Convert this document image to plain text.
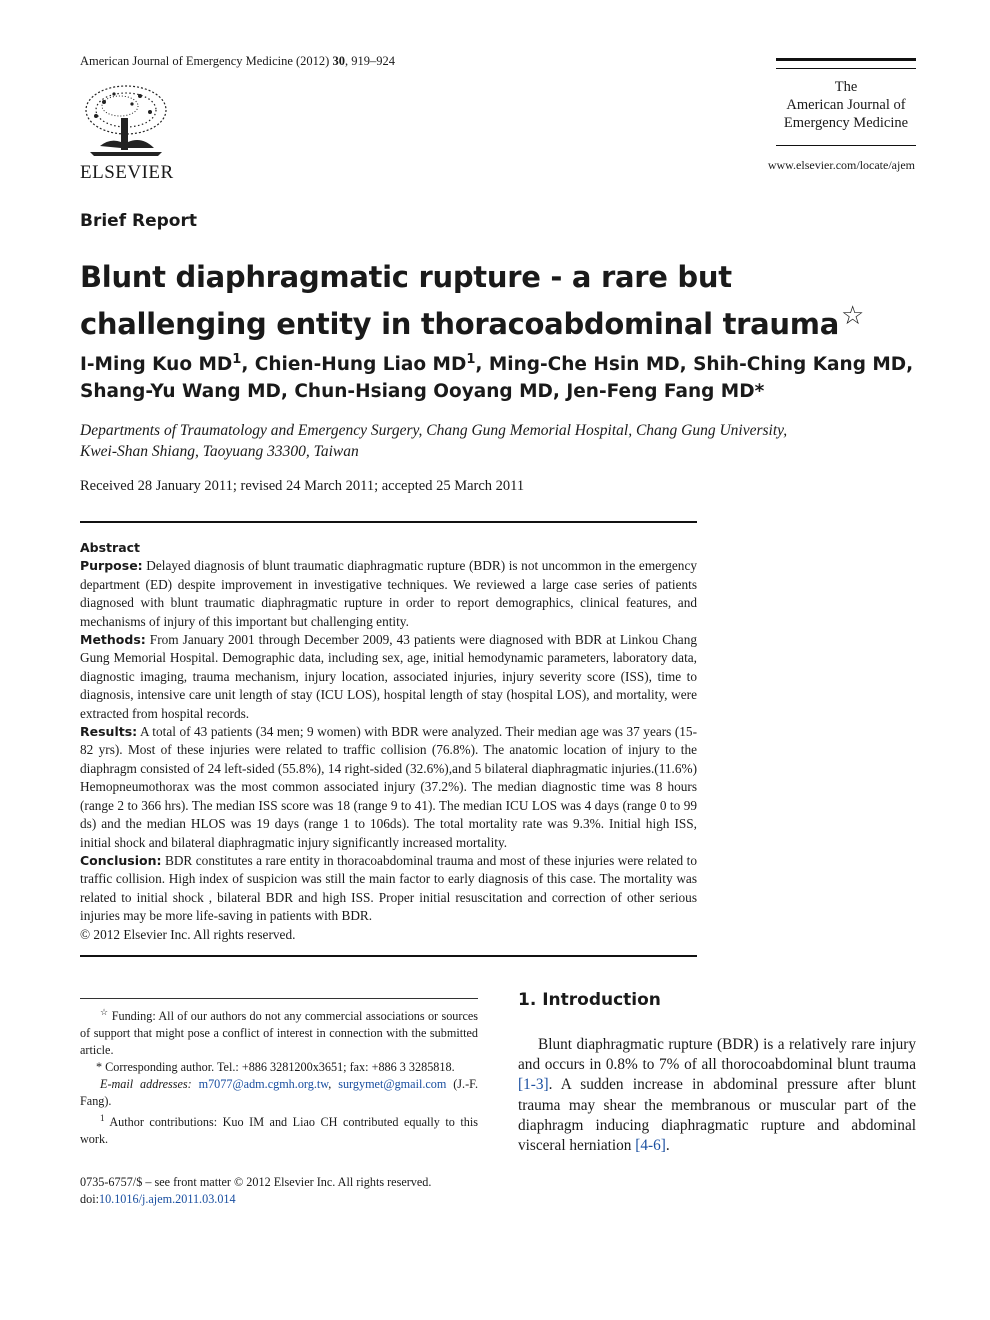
American Journal of Emergency Medicine (2012) 30, 919–924
ELSEVIER
The
American Journal of
Emergency Medicine
www.elsevier.com/locate/ajem
Brief Report
Blunt diaphragmatic rupture - a rare but challenging entity in thoracoabdominal trauma☆
I-Ming Kuo $MD^1$, Chien-Hung Liao $MD^1$, Ming-Che Hsin MD, Shih-Ching Kang MD,
Shang-Yu Wang MD, Chun-Hsiang Ooyang MD, Jen-Feng Fang MD*
Departments of Traumatology and Emergency Surgery, Chang Gung Memorial Hospital, Chang Gung University,
Kwei-Shan Shiang, Taoyuang 33300, Taiwan
Received 28 January 2011; revised 24 March 2011; accepted 25 March 2011

Abstract

Purpose: Delayed diagnosis of blunt traumatic diaphragmatic rupture (BDR) is not uncommon in the emergency department (ED) despite improvement in investigative techniques. We reviewed a large case series of patients diagnosed with blunt traumatic diaphragmatic rupture in order to report demographics, clinical features, and mechanisms of injury of this important but challenging entity.

Methods: From January 2001 through December 2009, 43 patients were diagnosed with BDR at Linkou Chang Gung Memorial Hospital. Demographic data, including sex, age, initial hemodynamic parameters, laboratory data, diagnostic imaging, trauma mechanism, injury location, associated injuries, injury severity score (ISS), time to diagnosis, intensive care unit length of stay (ICU LOS), hospital length of stay (hospital LOS), and mortality, were extracted from hospital records.

Results: A total of 43 patients (34 men; 9 women) with BDR were analyzed. Their median age was 37 years (15-82 yrs). Most of these injuries were related to traffic collision (76.8%). The anatomic location of injury to the diaphragm consisted of 24 left-sided (55.8%), 14 right-sided (32.6%),and 5 bilateral diaphragmatic injuries.(11.6%) Hemopneumothorax was the most common associated injury (37.2%). The median diagnostic time was 8 hours (range 2 to 366 hrs). The median ISS score was 18 (range 9 to 41). The median ICU LOS was 4 days (range 0 to 99 ds) and the median HLOS was 19 days (range 1 to 106ds). The total mortality rate was 9.3%. Initial high ISS, initial shock and bilateral diaphragmatic injury significantly increased mortality.

Conclusion: BDR constitutes a rare entity in thoracoabdominal trauma and most of these injuries were related to traffic collision. High index of suspicion was still the main factor to early diagnosis of this case. The mortality was related to initial shock , bilateral BDR and high ISS. Proper initial resuscitation and correction of other serious injuries may be more life-saving in patients with BDR.

© 2012 Elsevier Inc. All rights reserved.

☆ Funding: All of our authors do not any commercial associations or sources of support that might pose a conflict of interest in connection with the submitted article.

* Corresponding author. Tel.: +886 3281200x3651; fax: +886 3 3285818.

E-mail addresses: m7077@adm.cgmh.org.tw, surgymet@gmail.com (J.-F. Fang).

$^1$ Author contributions: Kuo IM and Liao CH contributed equally to this work.

0735-6757/$ – see front matter © 2012 Elsevier Inc. All rights reserved.

doi:10.1016/j.ajem.2011.03.014

1. Introduction
Blunt diaphragmatic rupture (BDR) is a relatively rare injury and occurs in 0.8% to 7% of all thorocoabdominal blunt trauma [1-3]. A sudden increase in abdominal pressure after blunt trauma may shear the membranous or muscular part of the diaphragm inducing diaphragmatic rupture and abdominal visceral herniation [4-6].
